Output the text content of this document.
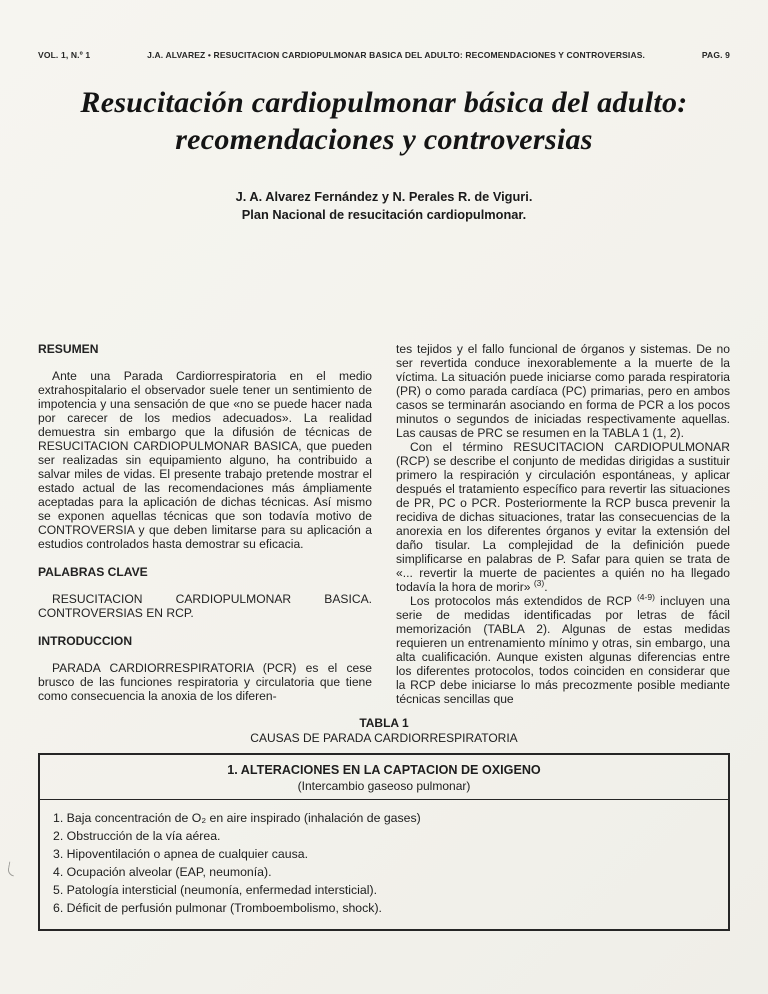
VOL. 1, N.º 1	J.A. ALVAREZ • RESUCITACION CARDIOPULMONAR BASICA DEL ADULTO: RECOMENDACIONES Y CONTROVERSIAS.	PAG. 9
Resucitación cardiopulmonar básica del adulto:
recomendaciones y controversias
J. A. Alvarez Fernández y N. Perales R. de Viguri.
Plan Nacional de resucitación cardiopulmonar.
RESUMEN

Ante una Parada Cardiorrespiratoria en el medio extrahospitalario el observador suele tener un sentimiento de impotencia y una sensación de que «no se puede hacer nada por carecer de los medios adecuados». La realidad demuestra sin embargo que la difusión de técnicas de RESUCITACION CARDIOPULMONAR BASICA, que pueden ser realizadas sin equipamiento alguno, ha contribuido a salvar miles de vidas. El presente trabajo pretende mostrar el estado actual de las recomendaciones más ámpliamente aceptadas para la aplicación de dichas técnicas. Así mismo se exponen aquellas técnicas que son todavía motivo de CONTROVERSIA y que deben limitarse para su aplicación a estudios controlados hasta demostrar su eficacia.

PALABRAS CLAVE

RESUCITACION CARDIOPULMONAR BASICA. CONTROVERSIAS EN RCP.

INTRODUCCION

PARADA CARDIORRESPIRATORIA (PCR) es el cese brusco de las funciones respiratoria y circulatoria que tiene como consecuencia la anoxia de los diferen-

tes tejidos y el fallo funcional de órganos y sistemas. De no ser revertida conduce inexorablemente a la muerte de la víctima. La situación puede iniciarse como parada respiratoria (PR) o como parada cardíaca (PC) primarias, pero en ambos casos se terminarán asociando en forma de PCR a los pocos minutos o segundos de iniciadas respectivamente aquellas. Las causas de PRC se resumen en la TABLA 1 (1, 2).

Con el término RESUCITACION CARDIOPULMONAR (RCP) se describe el conjunto de medidas dirigidas a sustituir primero la respiración y circulación espontáneas, y aplicar después el tratamiento específico para revertir las situaciones de PR, PC o PCR. Posteriormente la RCP busca prevenir la recidiva de dichas situaciones, tratar las consecuencias de la anorexia en los diferentes órganos y evitar la extensión del daño tisular. La complejidad de la definición puede simplificarse en palabras de P. Safar para quien se trata de «... revertir la muerte de pacientes a quién no ha llegado todavía la hora de morir» $^{(3)}$.

Los protocolos más extendidos de RCP $^{(4-9)}$ incluyen una serie de medidas identificadas por letras de fácil memorización (TABLA 2). Algunas de estas medidas requieren un entrenamiento mínimo y otras, sin embargo, una alta cualificación. Aunque existen algunas diferencias entre los diferentes protocolos, todos coinciden en considerar que la RCP debe iniciarse lo más precozmente posible mediante técnicas sencillas que

TABLA 1
CAUSAS DE PARADA CARDIORRESPIRATORIA
1. ALTERACIONES EN LA CAPTACION DE OXIGENO
(Intercambio gaseoso pulmonar)
1. Baja concentración de O₂ en aire inspirado (inhalación de gases)
2. Obstrucción de la vía aérea.
3. Hipoventilación o apnea de cualquier causa.
4. Ocupación alveolar (EAP, neumonía).
5. Patología intersticial (neumonía, enfermedad intersticial).
6. Déficit de perfusión pulmonar (Tromboembolismo, shock).
